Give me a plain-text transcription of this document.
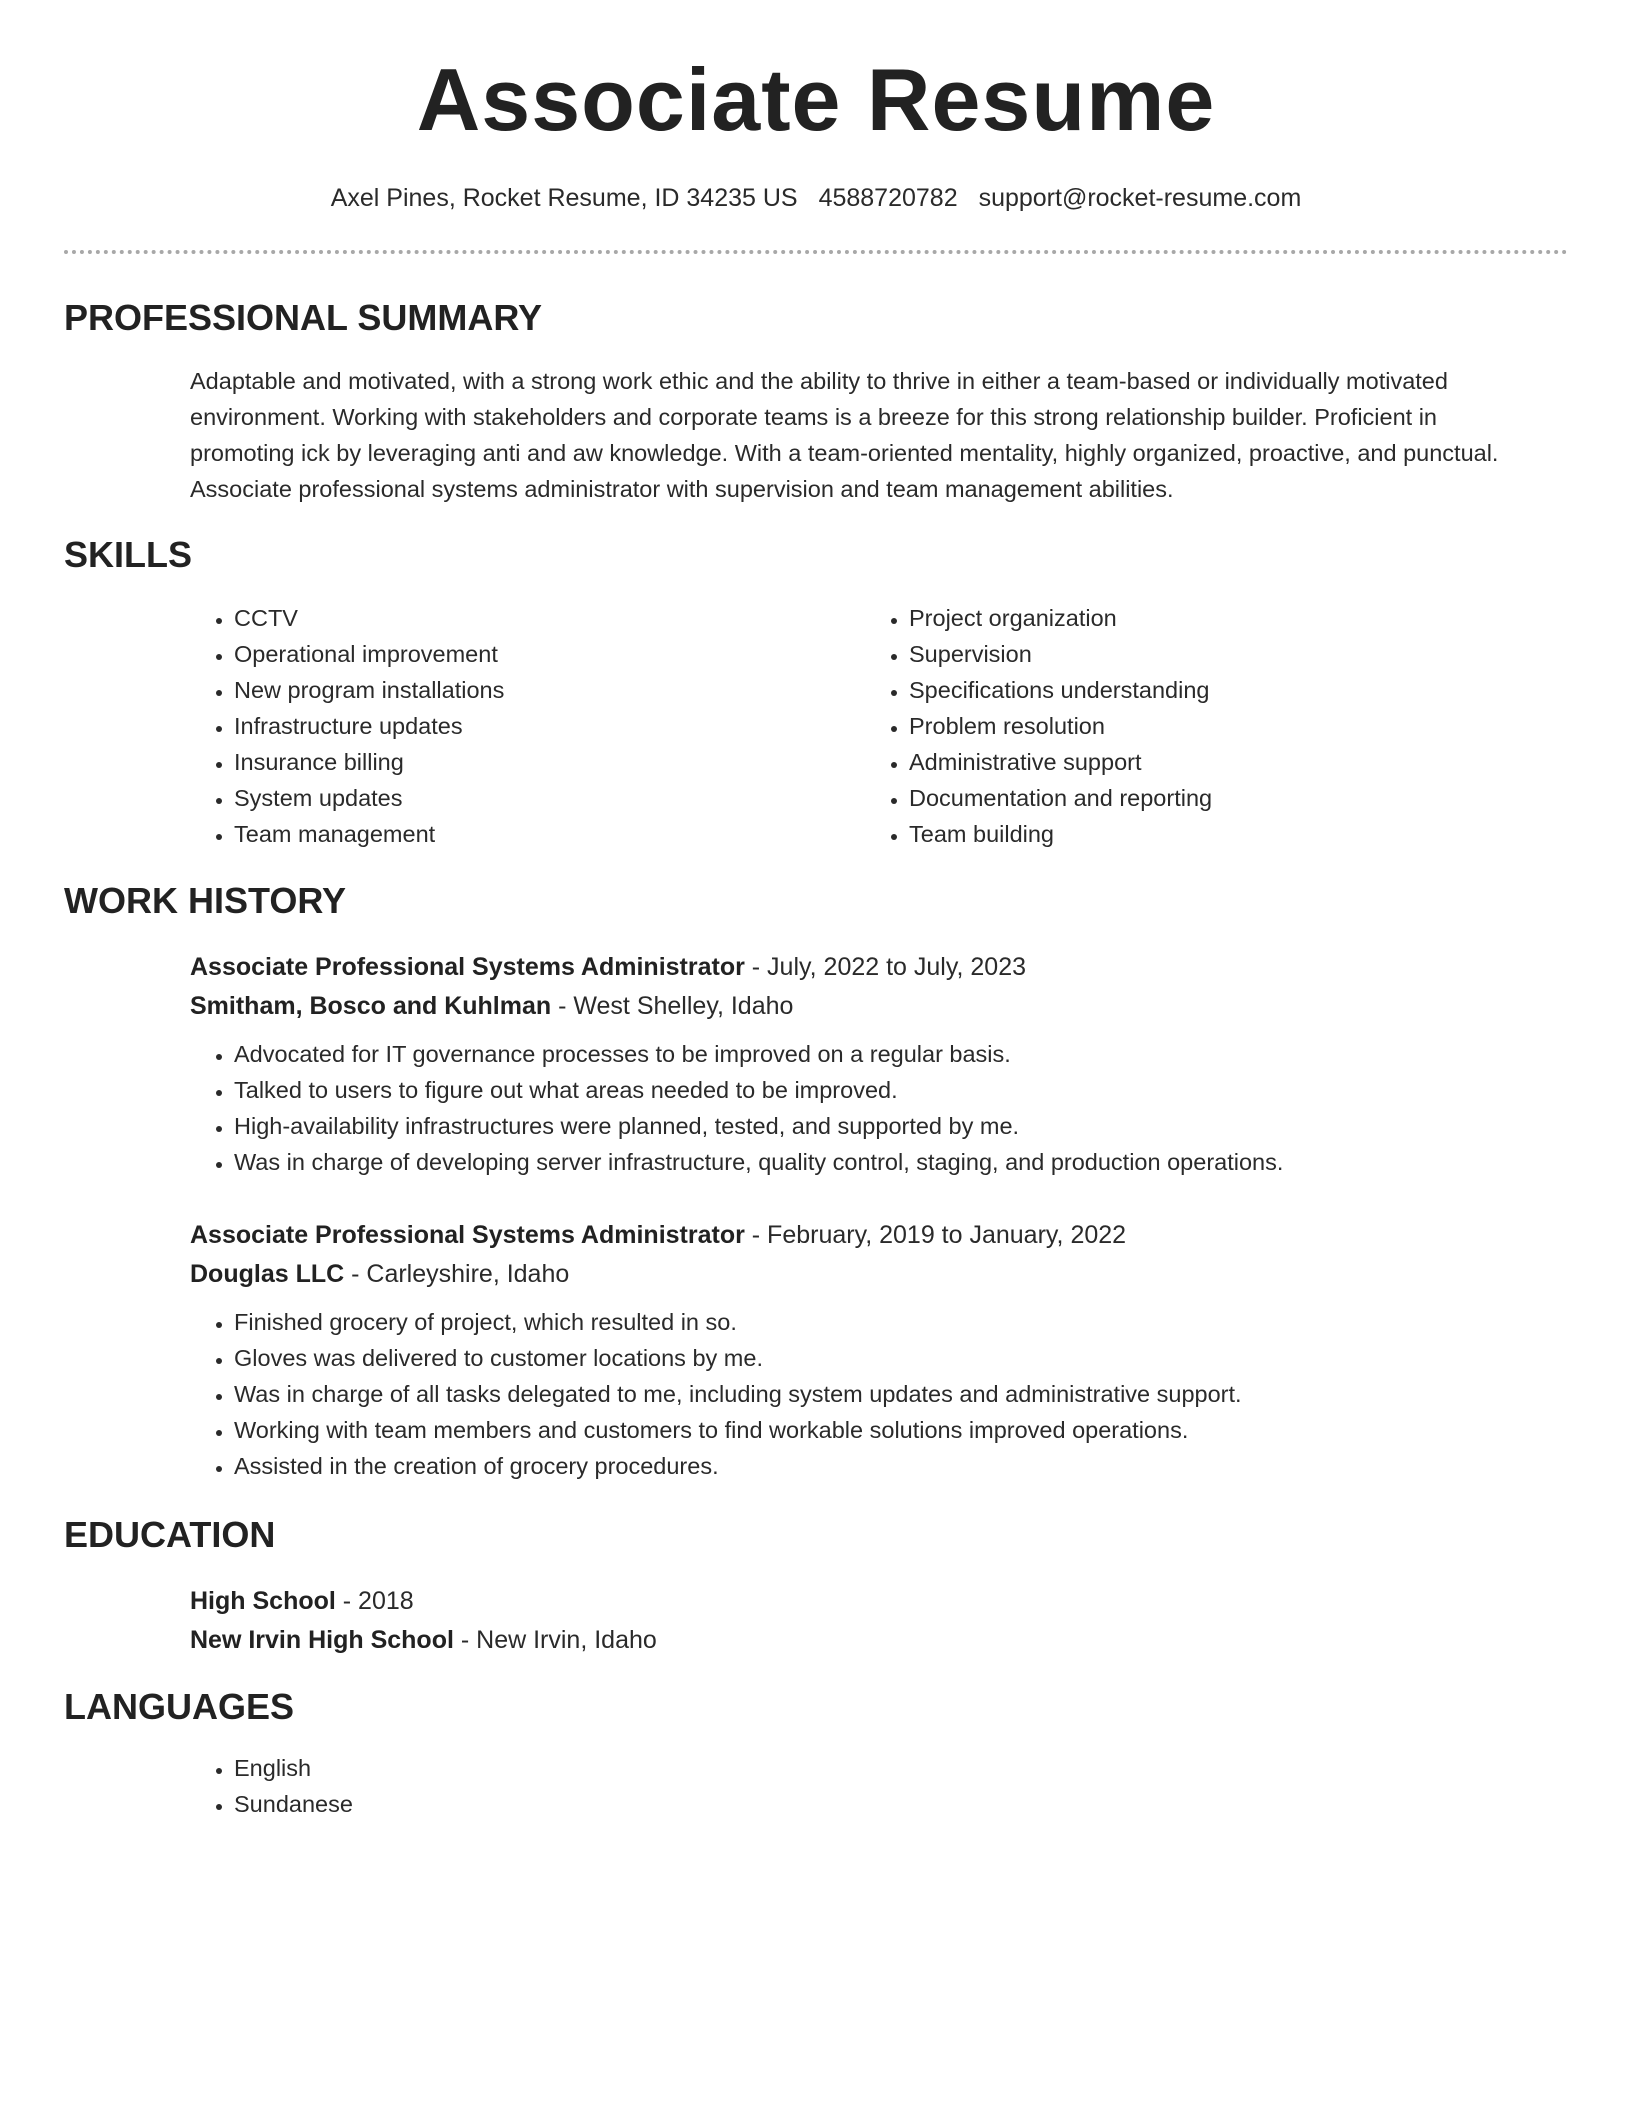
Associate Resume
Axel Pines, Rocket Resume, ID 34235 US 4588720782 support@rocket-resume.com
PROFESSIONAL SUMMARY

Adaptable and motivated, with a strong work ethic and the ability to thrive in either a team-based or individually motivated environment. Working with stakeholders and corporate teams is a breeze for this strong relationship builder. Proficient in promoting ick by leveraging anti and aw knowledge. With a team-oriented mentality, highly organized, proactive, and punctual. Associate professional systems administrator with supervision and team management abilities.

SKILLS
• CCTV
• Operational improvement
• New program installations
• Infrastructure updates
• Insurance billing
• System updates
• Team management
• Project organization
• Supervision
• Specifications understanding
• Problem resolution
• Administrative support
• Documentation and reporting
• Team building
WORK HISTORY

Associate Professional Systems Administrator - July, 2022 to July, 2023

Smitham, Bosco and Kuhlman - West Shelley, Idaho

• Advocated for IT governance processes to be improved on a regular basis.
• Talked to users to figure out what areas needed to be improved.
• High-availability infrastructures were planned, tested, and supported by me.
• Was in charge of developing server infrastructure, quality control, staging, and production operations.

Associate Professional Systems Administrator - February, 2019 to January, 2022

Douglas LLC - Carleyshire, Idaho

• Finished grocery of project, which resulted in so.
• Gloves was delivered to customer locations by me.
• Was in charge of all tasks delegated to me, including system updates and administrative support.
• Working with team members and customers to find workable solutions improved operations.
• Assisted in the creation of grocery procedures.
EDUCATION

High School - 2018

New Irvin High School - New Irvin, Idaho

LANGUAGES
• English
• Sundanese
